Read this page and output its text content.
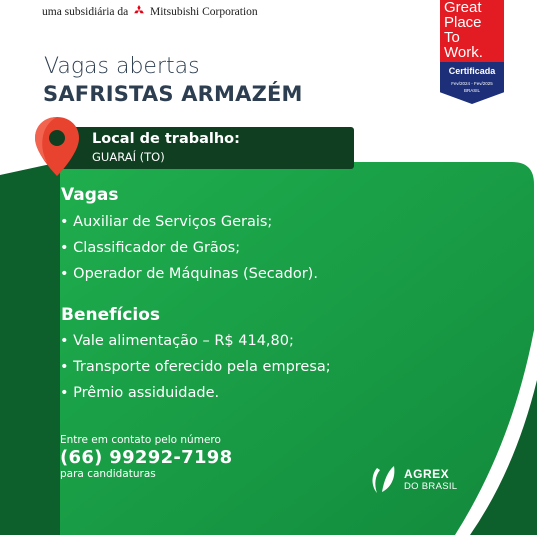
uma subsidiária da Mitsubishi Corporation	Great
Place
To
Work.
Certificada
Fev/2024 - Fev/2025
BRASIL
Vagas abertas
SAFRISTAS ARMAZÉM
Local de trabalho:
GUARAÍ (TO)
Vagas
• Auxiliar de Serviços Gerais;
• Classificador de Grãos;
• Operador de Máquinas (Secador).
Benefícios
• Vale alimentação – R$ 414,80;
• Transporte oferecido pela empresa;
• Prêmio assiduidade.
Entre em contato pelo número
(66) 99292-7198
para candidaturas	AGREX
DO BRASIL
